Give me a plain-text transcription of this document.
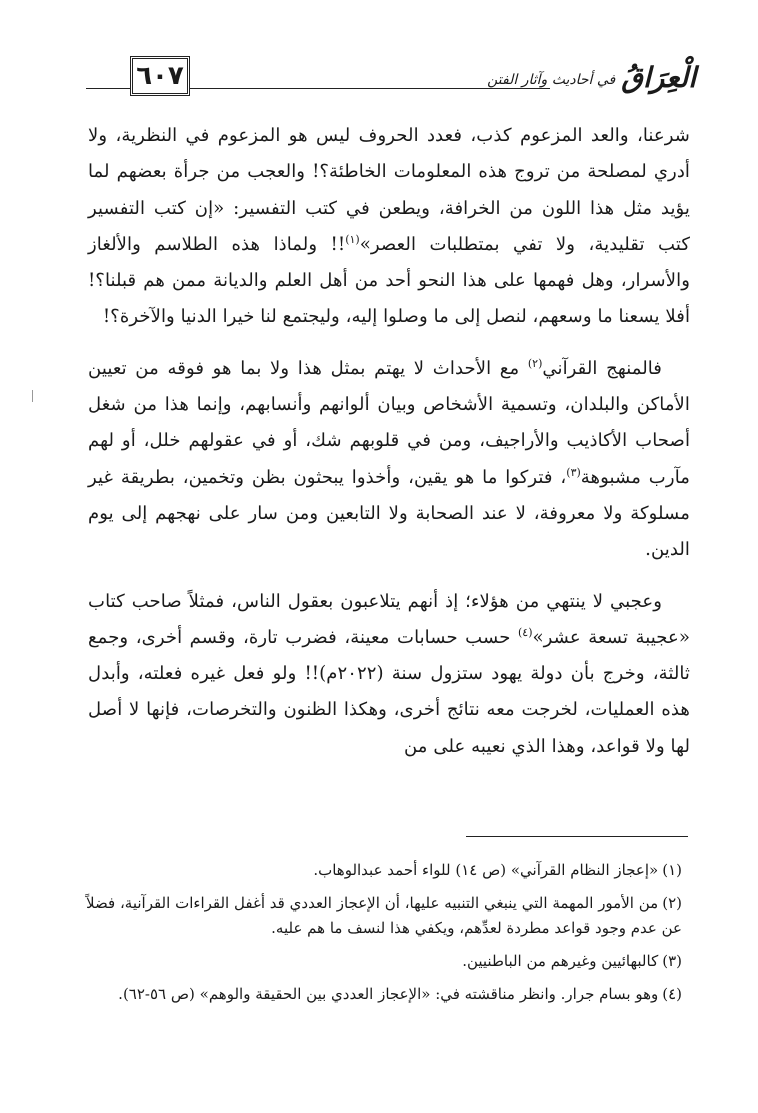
٦٠٧	الْعِرَاقُ
في أحاديث وآثار الفتن

شرعنا، والعد المزعوم كذب، فعدد الحروف ليس هو المزعوم في النظرية، ولا أدري لمصلحة من تروج هذه المعلومات الخاطئة؟! والعجب من جرأة بعضهم لما يؤيد مثل هذا اللون من الخرافة، ويطعن في كتب التفسير: «إن كتب التفسير كتب تقليدية، ولا تفي بمتطلبات العصر»$^{(١)}$!! ولماذا هذه الطلاسم والألغاز والأسرار، وهل فهمها على هذا النحو أحد من أهل العلم والديانة ممن هم قبلنا؟! أفلا يسعنا ما وسعهم، لنصل إلى ما وصلوا إليه، وليجتمع لنا خيرا الدنيا والآخرة؟!

فالمنهج القرآني$^{(٢)}$ مع الأحداث لا يهتم بمثل هذا ولا بما هو فوقه من تعيين الأماكن والبلدان، وتسمية الأشخاص وبيان ألوانهم وأنسابهم، وإنما هذا من شغل أصحاب الأكاذيب والأراجيف، ومن في قلوبهم شك، أو في عقولهم خلل، أو لهم مآرب مشبوهة$^{(٣)}$، فتركوا ما هو يقين، وأخذوا يبحثون بظن وتخمين، بطريقة غير مسلوكة ولا معروفة، لا عند الصحابة ولا التابعين ومن سار على نهجهم إلى يوم الدين.

وعجبي لا ينتهي من هؤلاء؛ إذ أنهم يتلاعبون بعقول الناس، فمثلاً صاحب كتاب «عجيبة تسعة عشر»$^{(٤)}$ حسب حسابات معينة، فضرب تارة، وقسم أخرى، وجمع ثالثة، وخرج بأن دولة يهود ستزول سنة (٢٠٢٢م)!! ولو فعل غيره فعلته، وأبدل هذه العمليات، لخرجت معه نتائج أخرى، وهكذا الظنون والتخرصات، فإنها لا أصل لها ولا قواعد، وهذا الذي نعيبه على من

(١)«إعجاز النظام القرآني» (ص ١٤) للواء أحمد عبدالوهاب.
(٢)من الأمور المهمة التي ينبغي التنبيه عليها، أن الإعجاز العددي قد أغفل القراءات القرآنية، فضلاً عن عدم وجود قواعد مطردة لعدِّهم، ويكفي هذا لنسف ما هم عليه.
(٣)كالبهائيين وغيرهم من الباطنيين.
(٤)وهو بسام جرار. وانظر مناقشته في: «الإعجاز العددي بين الحقيقة والوهم» (ص ٥٦-٦٢).
